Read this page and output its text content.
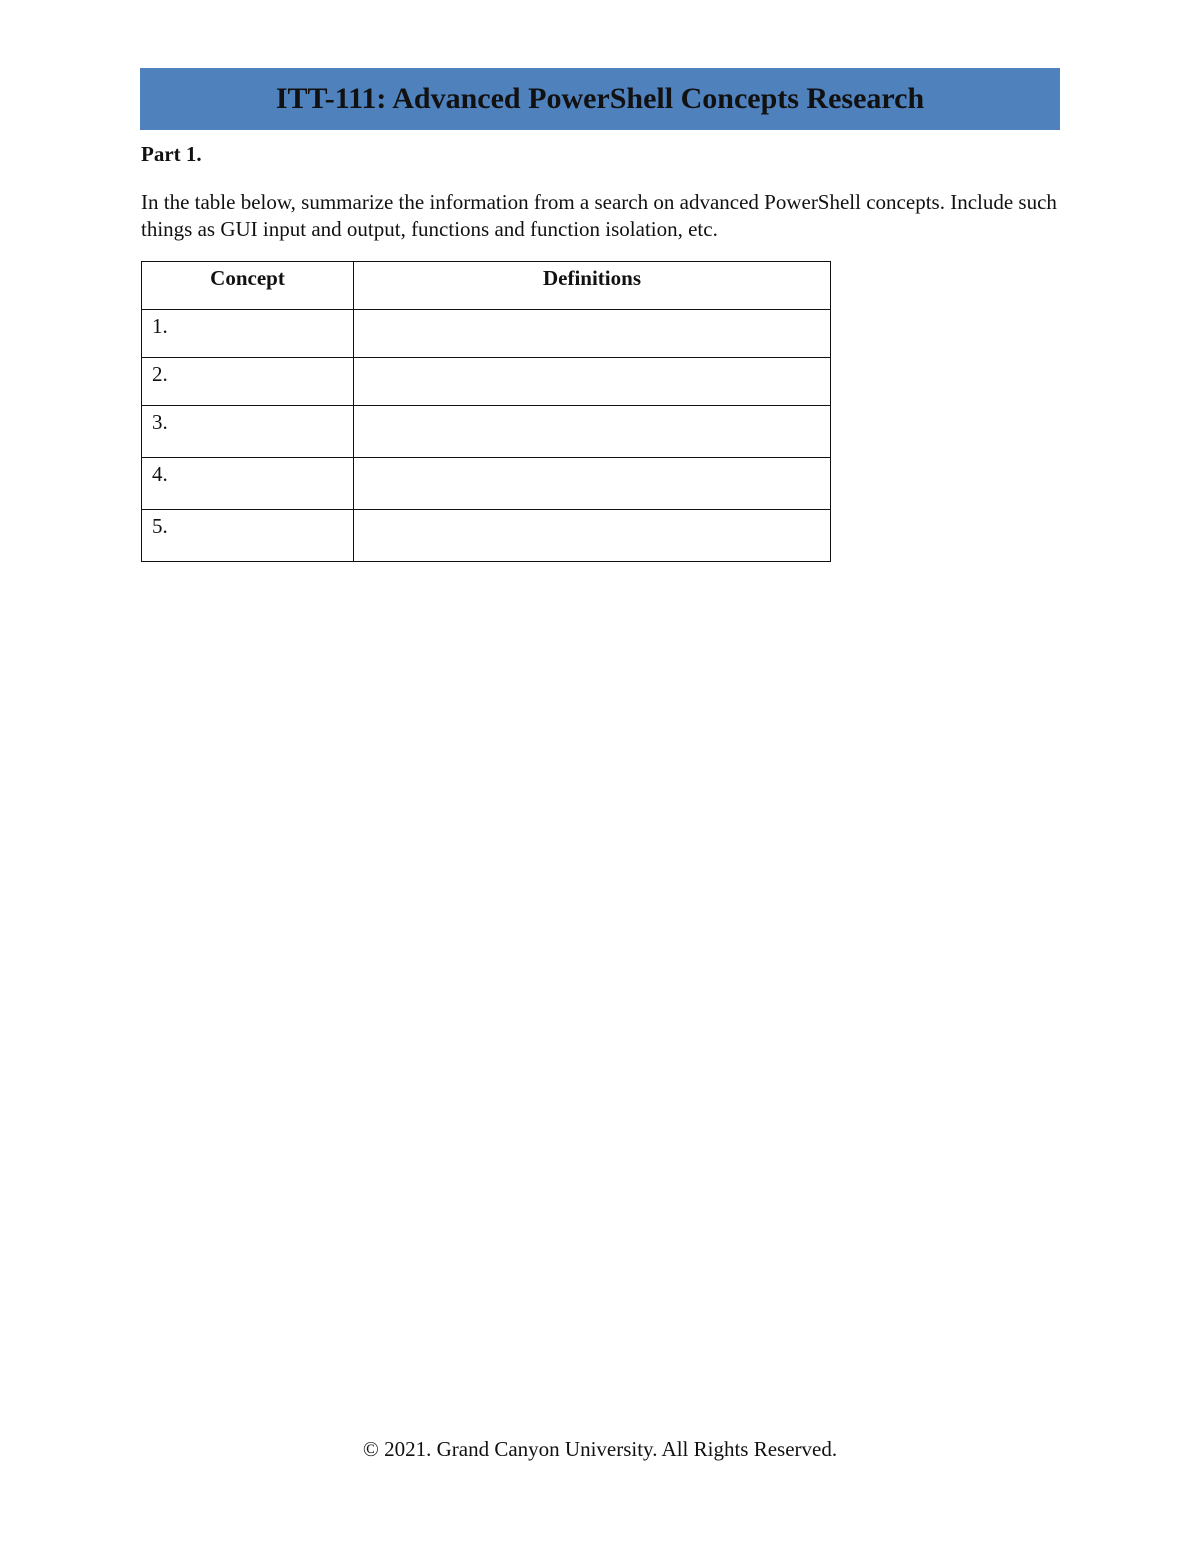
ITT-111: Advanced PowerShell Concepts Research

Part 1.

In the table below, summarize the information from a search on advanced PowerShell concepts. Include such things as GUI input and output, functions and function isolation, etc.

Concept	Definitions
1.	
2.	
3.	
4.	
5.	

© 2021. Grand Canyon University. All Rights Reserved.
